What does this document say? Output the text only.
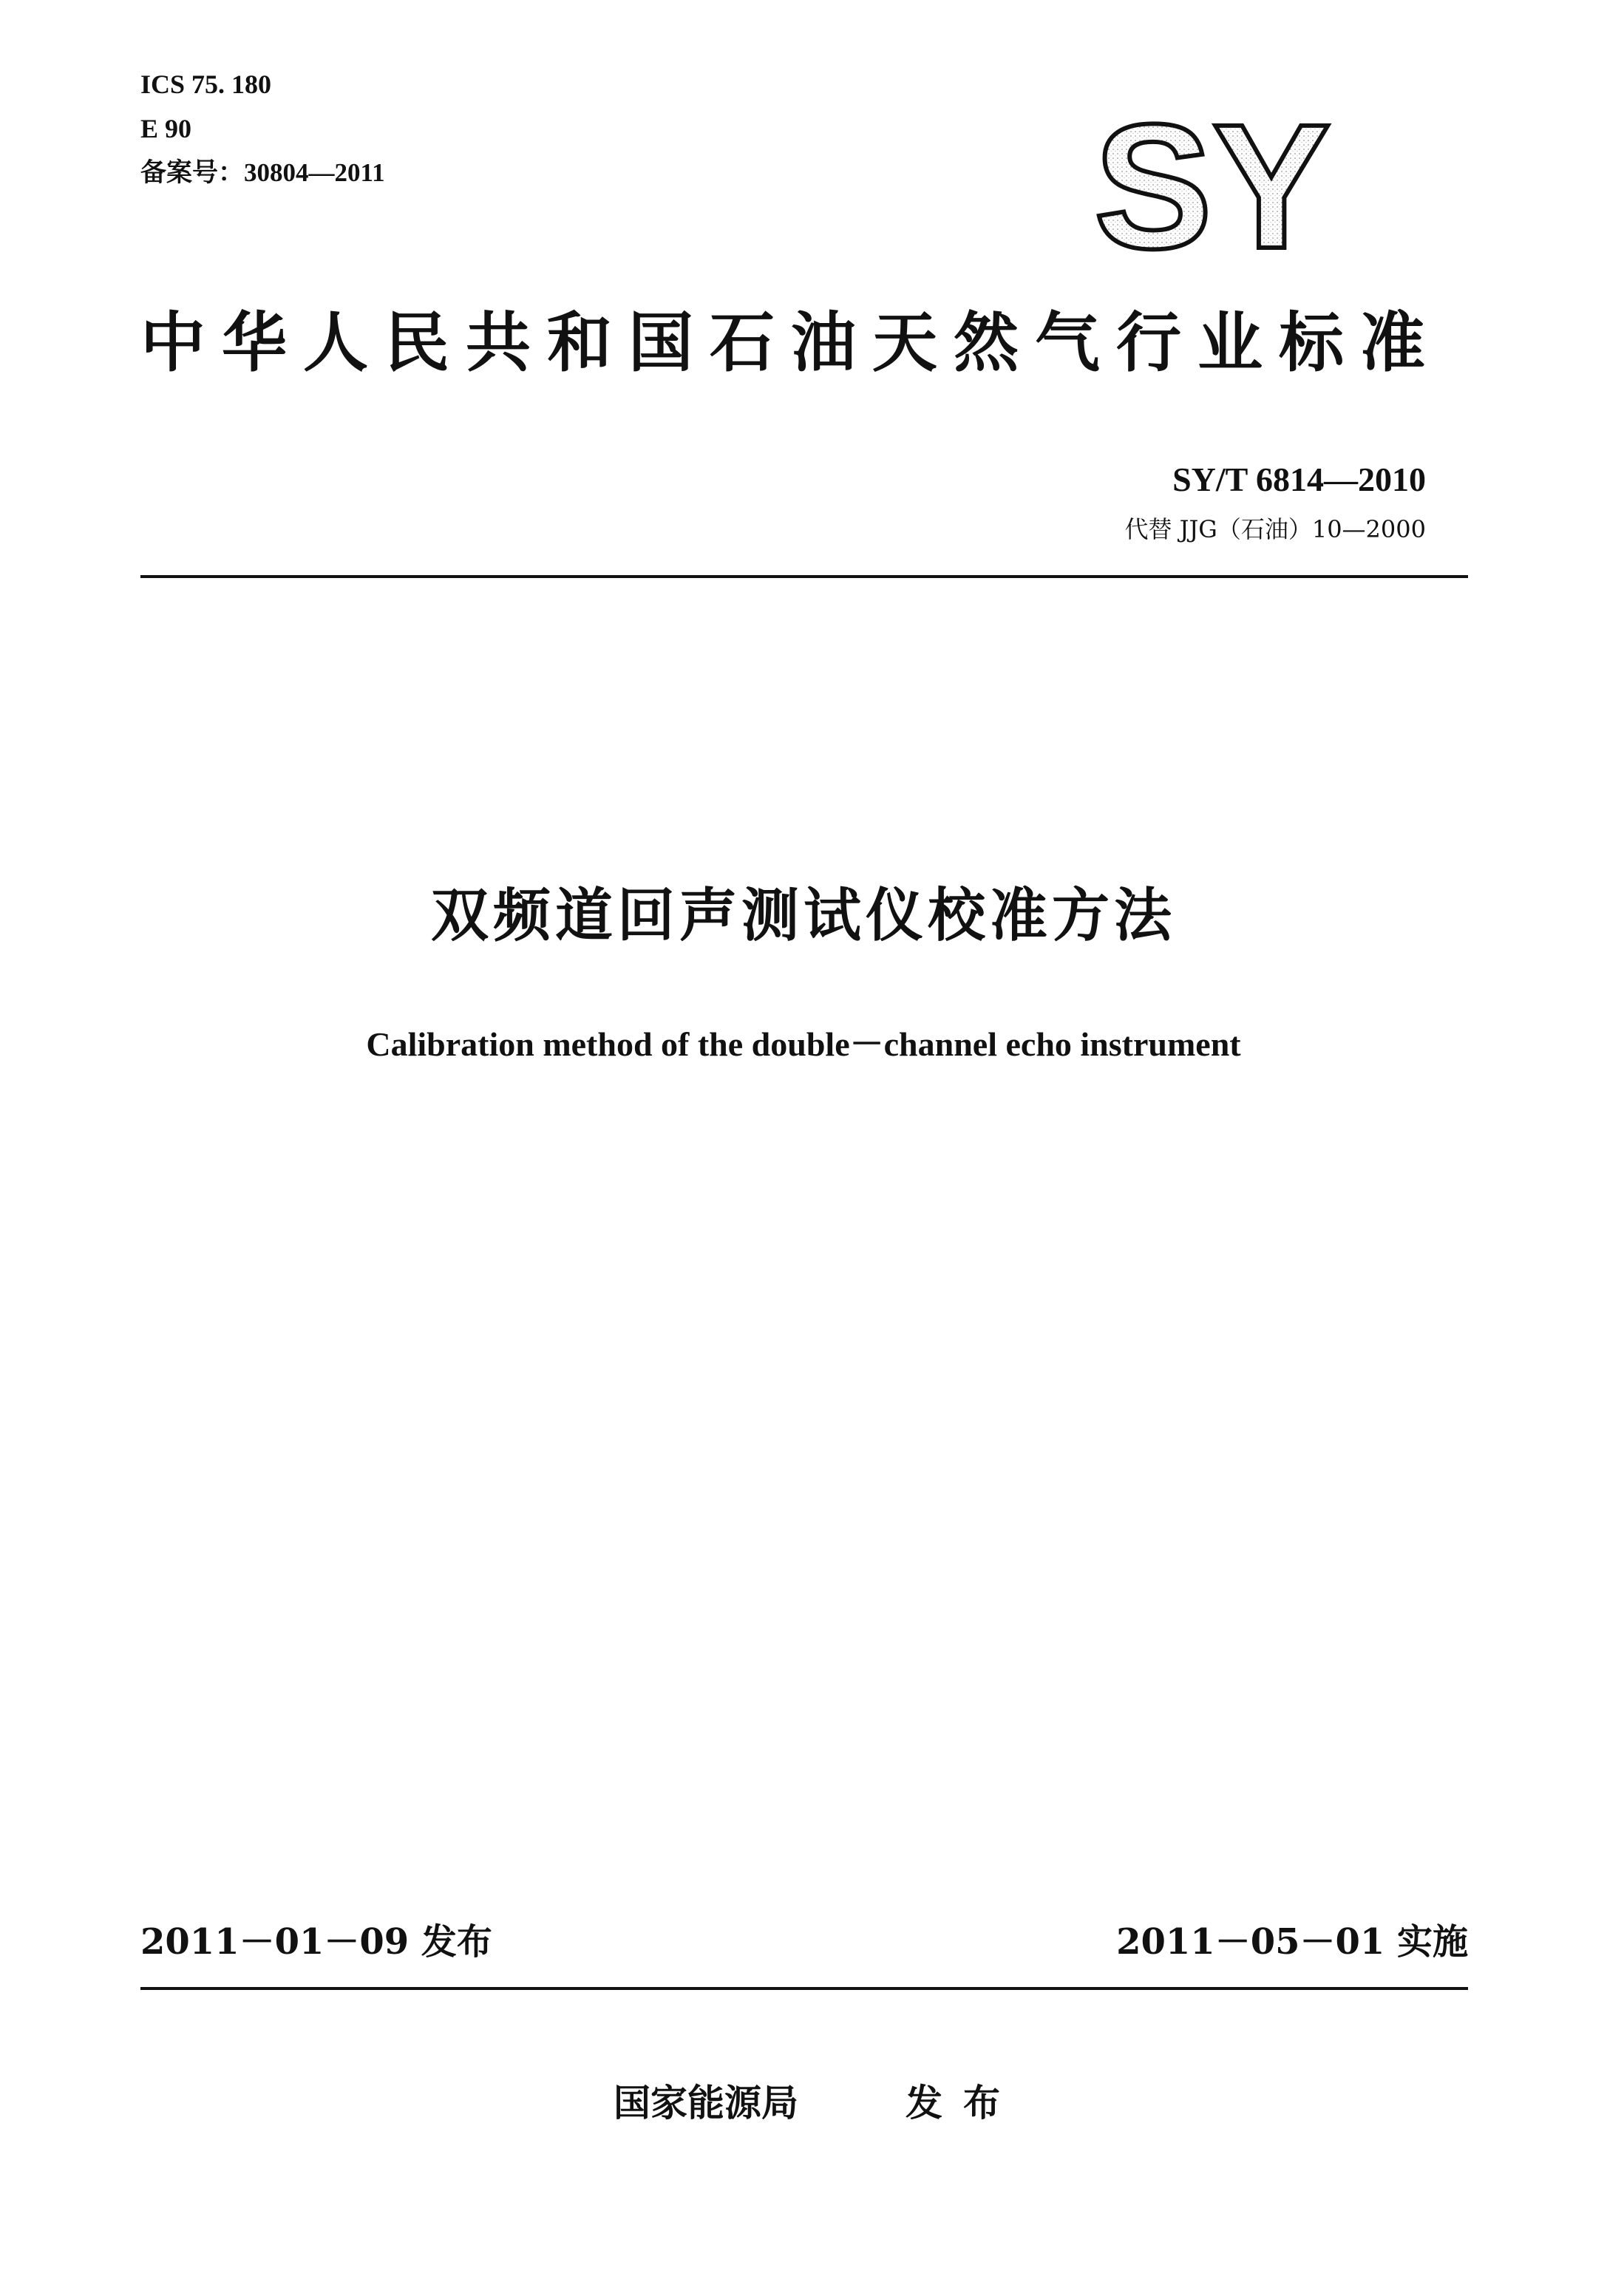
ICS 75. 180
E 90
备案号：30804—2011	SY
中华人民共和国石油天然气行业标准
SY/T 6814—2010
代替 JJG（石油）10—2000
双频道回声测试仪校准方法
Calibration method of the double－channel echo instrument
2011－01－09 发布	2011－05－01 实施
国家能源局	发布
